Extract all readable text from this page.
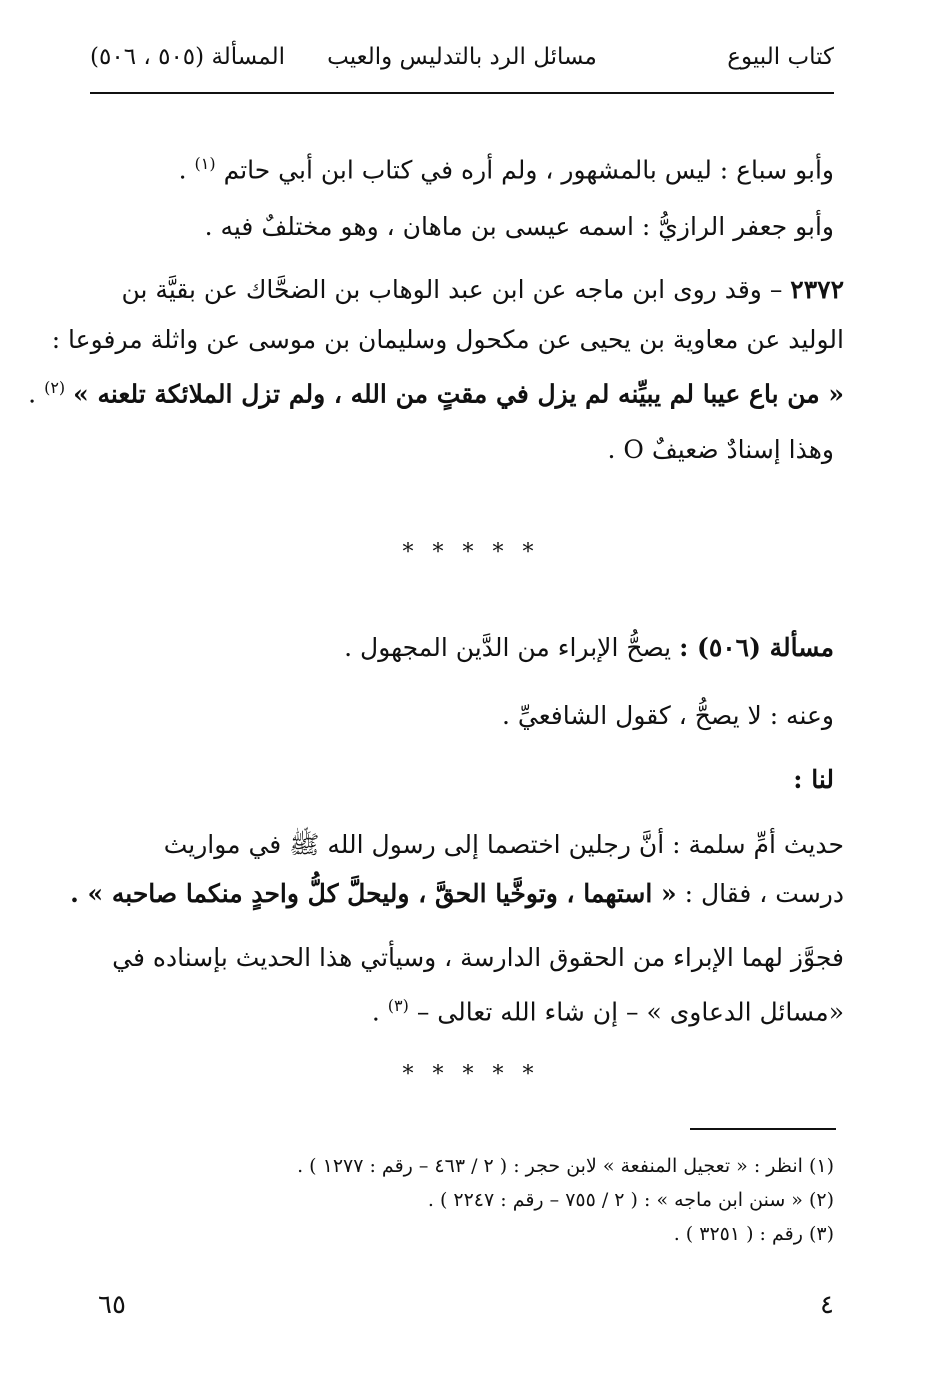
كتاب البيوع
مسائل الرد بالتدليس والعيب
المسألة (٥٠٥ ، ٥٠٦)
وأبو سباع : ليس بالمشهور ، ولم أره في كتاب ابن أبي حاتم $^{(١)}$ .
وأبو جعفر الرازيُّ : اسمه عيسى بن ماهان ، وهو مختلفٌ فيه .
٢٣٧٢ – وقد روى ابن ماجه عن ابن عبد الوهاب بن الضحَّاك عن بقيَّة بن
الوليد عن معاوية بن يحيى عن مكحول وسليمان بن موسى عن واثلة مرفوعا :
« من باع عيبا لم يبيِّنه لم يزل في مقتٍ من الله ، ولم تزل الملائكة تلعنه » $^{(٢)}$ .
وهذا إسنادٌ ضعيفٌ O .
* * * * *
مسألة (٥٠٦) : يصحُّ الإبراء من الدَّين المجهول .
وعنه : لا يصحُّ ، كقول الشافعيِّ .
لنا :
حديث أمِّ سلمة : أنَّ رجلين اختصما إلى رسول الله ﷺ في مواريث
درست ، فقال : « استهما ، وتوخَّيا الحقَّ ، وليحلَّ كلُّ واحدٍ منكما صاحبه » .
فجوَّز لهما الإبراء من الحقوق الدارسة ، وسيأتي هذا الحديث بإسناده في
«مسائل الدعاوى » – إن شاء الله تعالى – $^{(٣)}$ .
* * * * *
(١) انظر : « تعجيل المنفعة » لابن حجر : ( ٢ / ٤٦٣ – رقم : ١٢٧٧ ) .
(٢) « سنن ابن ماجه » : ( ٢ / ٧٥٥ – رقم : ٢٢٤٧ ) .
(٣) رقم : ( ٣٢٥١ ) .
٤
٦٥
